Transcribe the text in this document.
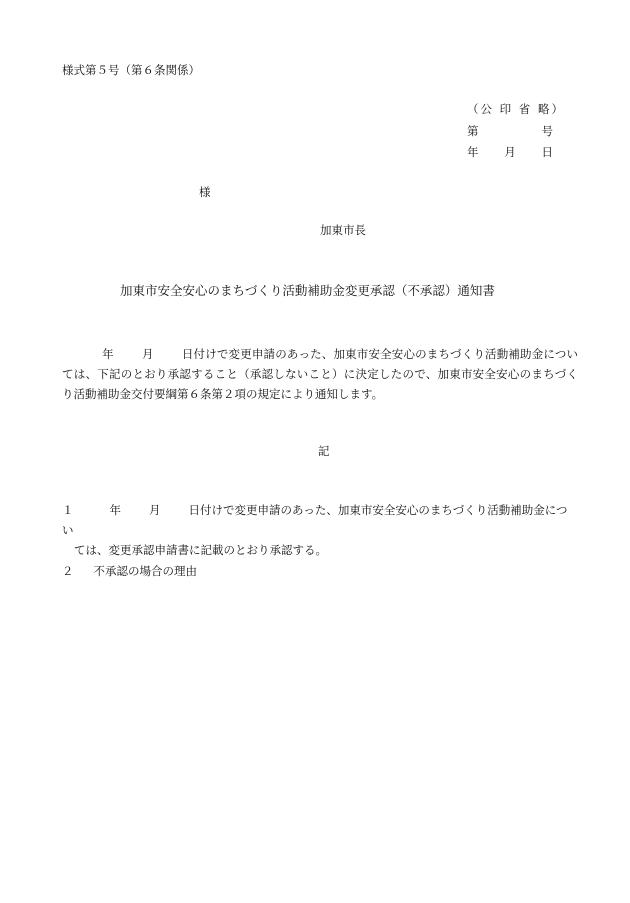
様式第５号（第６条関係）
（公 印 省 略）
第	号
年 月 日
様
加東市長
加東市安全安心のまちづくり活動補助金変更承認（不承認）通知書
年 月 日付けで変更申請のあった、加東市安全安心のまちづくり活動補助金については、下記のとおり承認すること（承認しないこと）に決定したので、加東市安全安心のまちづくり活動補助金交付要綱第６条第２項の規定により通知します。
記
１	年 月 日付けで変更申請のあった、加東市安全安心のまちづくり活動補助金につい
ては、変更承認申請書に記載のとおり承認する。
２ 不承認の場合の理由
